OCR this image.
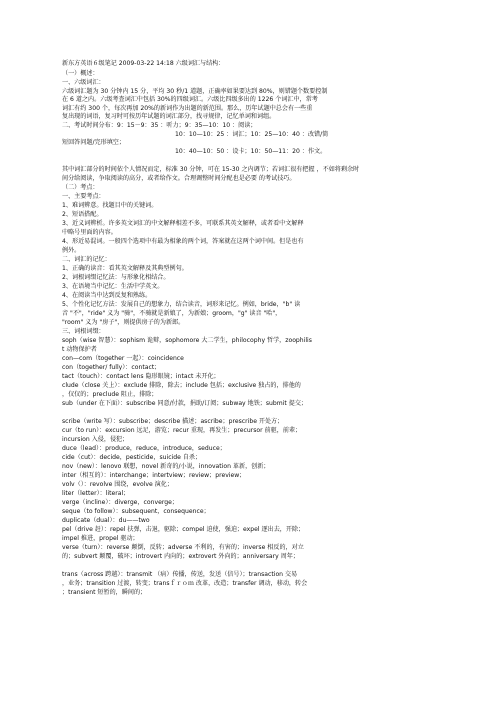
新东方英语６级笔记 2009-03-22 14:18 六级词汇与结构：
（一）概述：
一、六级词汇：
六级词汇题为 30 分钟内 15 分，平均 30 秒/1 道题，正确率如果要达到 80%，则错题个数要控制
在 6 道之内。六级考查词汇中包括 30%的四级词汇。六级比四级多出的 1226 个词汇中，常考
词汇有约 300 个，每次再加 20%的新词作为出题的新范围。那么，历年试题中总会有一些重
复出现的词语，复习时可按历年试题的词汇部分，找寻规律，记忆单词和词组。
二、考试时间分布：9：15－9：35 ：听力；9：35—10：10 ：阅读；
10：10—10：25 ：词汇；10：25—10：40 ：改错/简
短回答问题/完形填空；
10：40—10：50 ：设卡；10：50—11：20 ：作文。
其中词汇部分的时间依个人情况而定，标准 30 分钟，可在 15-30 之内调节；若词汇很有把握 ，不如将剩余时
间分给阅读，争取阅读的高分，或者给作文。合理调整时间分配也是必要 的考试技巧。
（二）考点：
一、主要考点：
1、难词辨意。找题目中的关键词。
2、短语搭配。
3、近义词辨析。许多英文词汇的中文解释相差不多，可联系其英文解释，或者看中文解释
中略号里面的内容。
4、形近易混词。一般四个选项中有最为相象的两个词，答案就在这两个词中间。但是也有
例外。
二、词汇的记忆：
1、正确的读音：看其英文解释及其典型例句。
2、词根词缀记忆法：与形象化相结合。
3、在语境当中记忆：生活中学英文。
4、在阅读当中达到反复和熟练。
5、个性化记忆方法：发展自己的想象力，结合读音，词形来记忆。例如，bride，"b" 读
音 "不"，"ride" 义为 "骑"，不骑就是新娘了，为新娘；groom，"g" 读音 "哈"，
"room" 义为 "房子"，则提供房子的为新郎。
三、词根词缀：
soph（wise 智慧）：sophism 诡辩，sophomore 大二学生，philocophy 哲学，zoophilis
t 动物保护者
con—com（together 一起）：coincidence
con（together/ fully）：contact；
tact（touch）：contact lens 隐形眼镜；intact 未开化；
clude（close 关上）：exclude 排除，除去；include 包括；exclusive 独占的，排他的
，仅仅的；preclude 阻止，排除；
sub（under 在下面）：subscribe 同意/付款，捐助/订阅；subway 地铁；submit 提交；
scribe（write 写）：subscribe；describe 描述；ascribe；prescribe 开处方；
cur（to run）：excursion 远足，游览；recur 重现，再发生；precursor 前驱，前辈；
incursion 入侵，侵犯；
duce（lead）：produce，reduce，introduce，seduce；
cide（cut）：decide，pesticide，suicide 自杀；
nov（new）：lenovo 联想，novel 新奇的/小说，innovation 革新，创新；
inter（相互的）：interchange；intertview；review；preview；
volv（）：revolve 围绕，evolve 演化；
liter（letter）：literal；
verge（incline）：diverge，converge；
seque（to follow）：subsequent，consequence；
duplicate（dual）：du——two
pel（drive 赶）：repel 扶弹，击退，驱除；compel 迫使，强迫；expel 逐出去，开除；
impel 推进，propel 驱动；
verse（turn）：reverse 颠倒，反转；adverse 不利的，有害的；inverse 相反的，对立
的；subvert 颠覆，破坏；introvert 内向的；extrovert 外向的；anniversary 周年；
trans（across 跨越）：transmit （病）传播，传送，发送（信号）；transaction 交易
，业务；transition 过渡，转变；transｆｒｏｍ 改革，改造；transfer 调动，移动，转会
；transient 短暂的，瞬间的；
